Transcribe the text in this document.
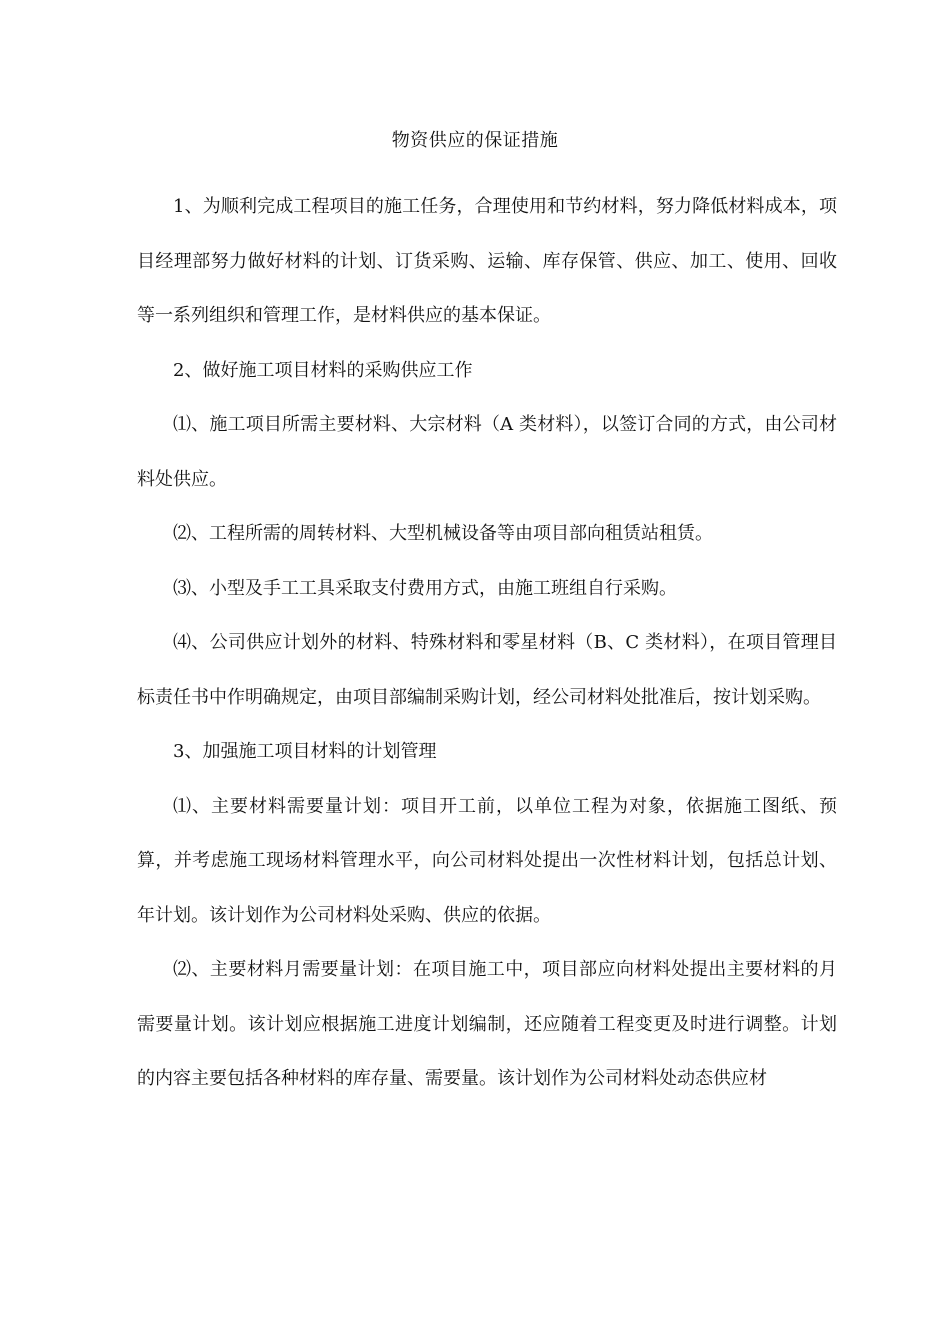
物资供应的保证措施

1、为顺利完成工程项目的施工任务，合理使用和节约材料，努力降低材料成本，项目经理部努力做好材料的计划、订货采购、运输、库存保管、供应、加工、使用、回收等一系列组织和管理工作，是材料供应的基本保证。

2、做好施工项目材料的采购供应工作

⑴、施工项目所需主要材料、大宗材料（A 类材料），以签订合同的方式，由公司材料处供应。

⑵、工程所需的周转材料、大型机械设备等由项目部向租赁站租赁。

⑶、小型及手工工具采取支付费用方式，由施工班组自行采购。

⑷、公司供应计划外的材料、特殊材料和零星材料（B、C 类材料），在项目管理目标责任书中作明确规定，由项目部编制采购计划，经公司材料处批准后，按计划采购。

3、加强施工项目材料的计划管理

⑴、主要材料需要量计划：项目开工前，以单位工程为对象，依据施工图纸、预算，并考虑施工现场材料管理水平，向公司材料处提出一次性材料计划，包括总计划、年计划。该计划作为公司材料处采购、供应的依据。

⑵、主要材料月需要量计划：在项目施工中，项目部应向材料处提出主要材料的月需要量计划。该计划应根据施工进度计划编制，还应随着工程变更及时进行调整。计划的内容主要包括各种材料的库存量、需要量。该计划作为公司材料处动态供应材
